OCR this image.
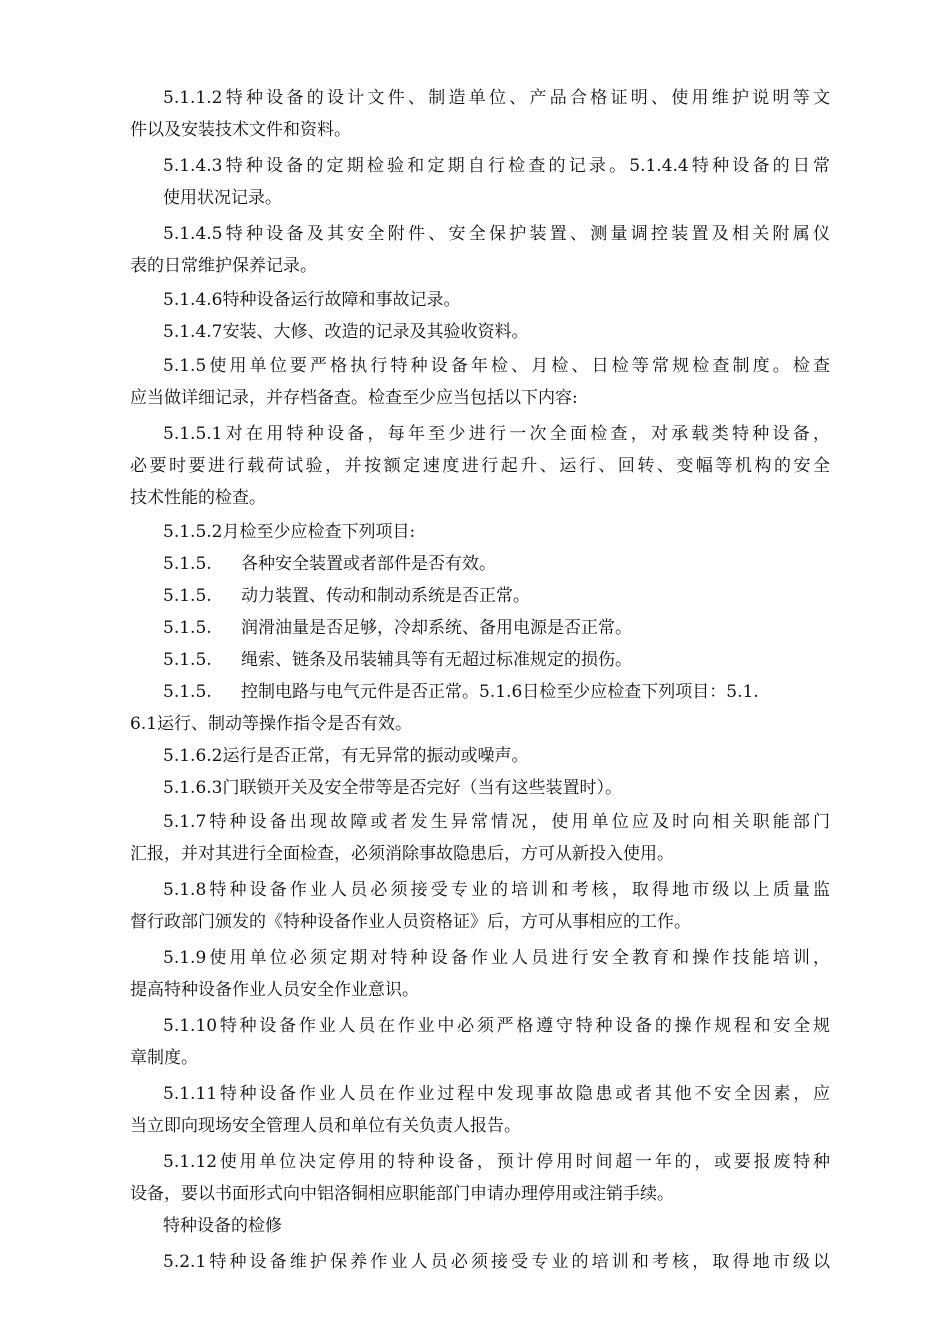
5.1.1.2特种设备的设计文件、制造单位、产品合格证明、使用维护说明等文
件以及安装技术文件和资料。
5.1.4.3特种设备的定期检验和定期自行检查的记录。5.1.4.4特种设备的日常
使用状况记录。
5.1.4.5特种设备及其安全附件、安全保护装置、测量调控装置及相关附属仪
表的日常维护保养记录。
5.1.4.6特种设备运行故障和事故记录。
5.1.4.7安装、大修、改造的记录及其验收资料。
5.1.5使用单位要严格执行特种设备年检、月检、日检等常规检查制度。检查
应当做详细记录，并存档备查。检查至少应当包括以下内容:
5.1.5.1对在用特种设备，每年至少进行一次全面检查，对承载类特种设备，
必要时要进行载荷试验，并按额定速度进行起升、运行、回转、变幅等机构的安全
技术性能的检查。
5.1.5.2月检至少应检查下列项目:
5.1.5. 各种安全装置或者部件是否有效。
5.1.5. 动力装置、传动和制动系统是否正常。
5.1.5. 润滑油量是否足够，冷却系统、备用电源是否正常。
5.1.5. 绳索、链条及吊装辅具等有无超过标准规定的损伤。
5.1.5. 控制电路与电气元件是否正常。5.1.6日检至少应检查下列项目：5.1.
6.1运行、制动等操作指令是否有效。
5.1.6.2运行是否正常，有无异常的振动或噪声。
5.1.6.3门联锁开关及安全带等是否完好（当有这些装置时）。
5.1.7特种设备出现故障或者发生异常情况，使用单位应及时向相关职能部门
汇报，并对其进行全面检查，必须消除事故隐患后，方可从新投入使用。
5.1.8特种设备作业人员必须接受专业的培训和考核，取得地市级以上质量监
督行政部门颁发的《特种设备作业人员资格证》后，方可从事相应的工作。
5.1.9使用单位必须定期对特种设备作业人员进行安全教育和操作技能培训，
提高特种设备作业人员安全作业意识。
5.1.10特种设备作业人员在作业中必须严格遵守特种设备的操作规程和安全规
章制度。
5.1.11特种设备作业人员在作业过程中发现事故隐患或者其他不安全因素，应
当立即向现场安全管理人员和单位有关负责人报告。
5.1.12使用单位决定停用的特种设备，预计停用时间超一年的，或要报废特种
设备，要以书面形式向中铝洛铜相应职能部门申请办理停用或注销手续。
特种设备的检修
5.2.1特种设备维护保养作业人员必须接受专业的培训和考核，取得地市级以
